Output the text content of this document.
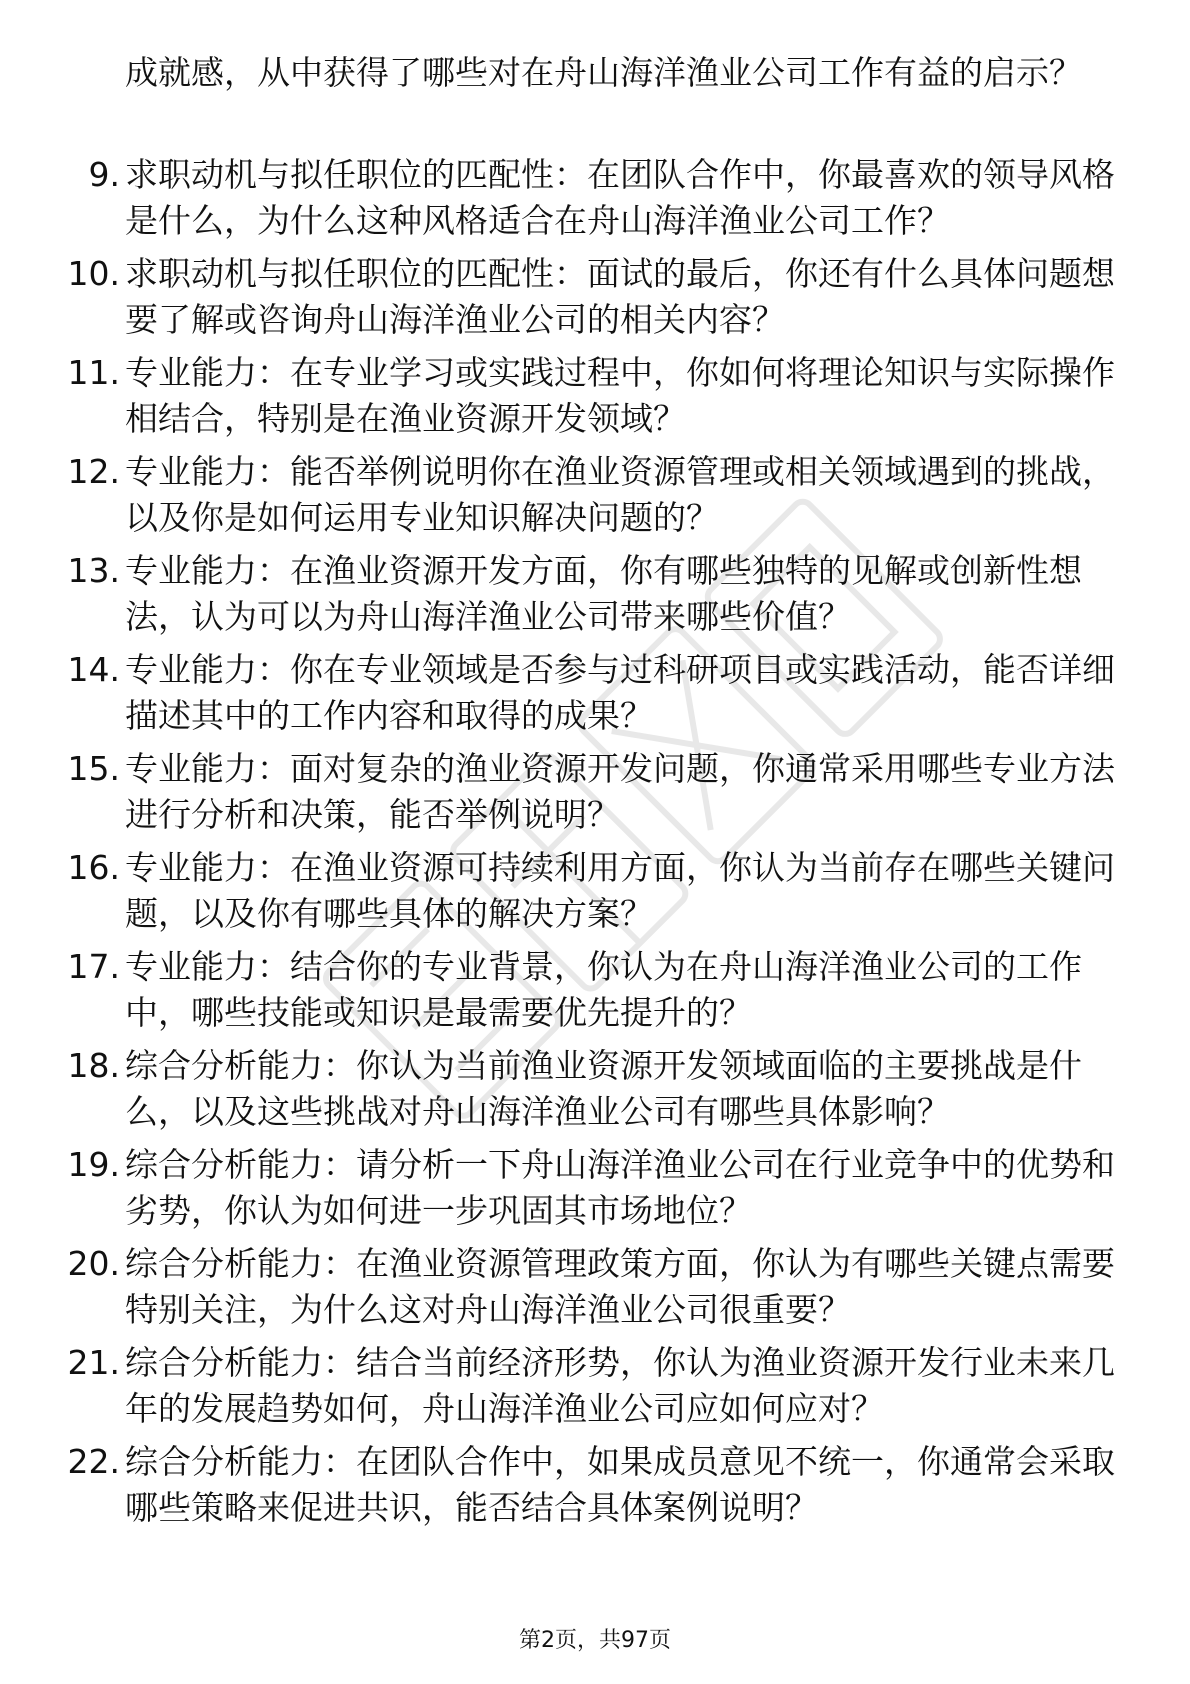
成就感，从中获得了哪些对在舟山海洋渔业公司工作有益的启示？

9. 求职动机与拟任职位的匹配性：在团队合作中，你最喜欢的领导风格是什么，为什么这种风格适合在舟山海洋渔业公司工作？

10. 求职动机与拟任职位的匹配性：面试的最后，你还有什么具体问题想要了解或咨询舟山海洋渔业公司的相关内容？

11. 专业能力：在专业学习或实践过程中，你如何将理论知识与实际操作相结合，特别是在渔业资源开发领域？

12. 专业能力：能否举例说明你在渔业资源管理或相关领域遇到的挑战，以及你是如何运用专业知识解决问题的？

13. 专业能力：在渔业资源开发方面，你有哪些独特的见解或创新性想法，认为可以为舟山海洋渔业公司带来哪些价值？

14. 专业能力：你在专业领域是否参与过科研项目或实践活动，能否详细描述其中的工作内容和取得的成果？

15. 专业能力：面对复杂的渔业资源开发问题，你通常采用哪些专业方法进行分析和决策，能否举例说明？

16. 专业能力：在渔业资源可持续利用方面，你认为当前存在哪些关键问题，以及你有哪些具体的解决方案？

17. 专业能力：结合你的专业背景，你认为在舟山海洋渔业公司的工作中，哪些技能或知识是最需要优先提升的？

18. 综合分析能力：你认为当前渔业资源开发领域面临的主要挑战是什么，以及这些挑战对舟山海洋渔业公司有哪些具体影响？

19. 综合分析能力：请分析一下舟山海洋渔业公司在行业竞争中的优势和劣势，你认为如何进一步巩固其市场地位？

20. 综合分析能力：在渔业资源管理政策方面，你认为有哪些关键点需要特别关注，为什么这对舟山海洋渔业公司很重要？

21. 综合分析能力：结合当前经济形势，你认为渔业资源开发行业未来几年的发展趋势如何，舟山海洋渔业公司应如何应对？

22. 综合分析能力：在团队合作中，如果成员意见不统一，你通常会采取哪些策略来促进共识，能否结合具体案例说明？

第2页，共97页
